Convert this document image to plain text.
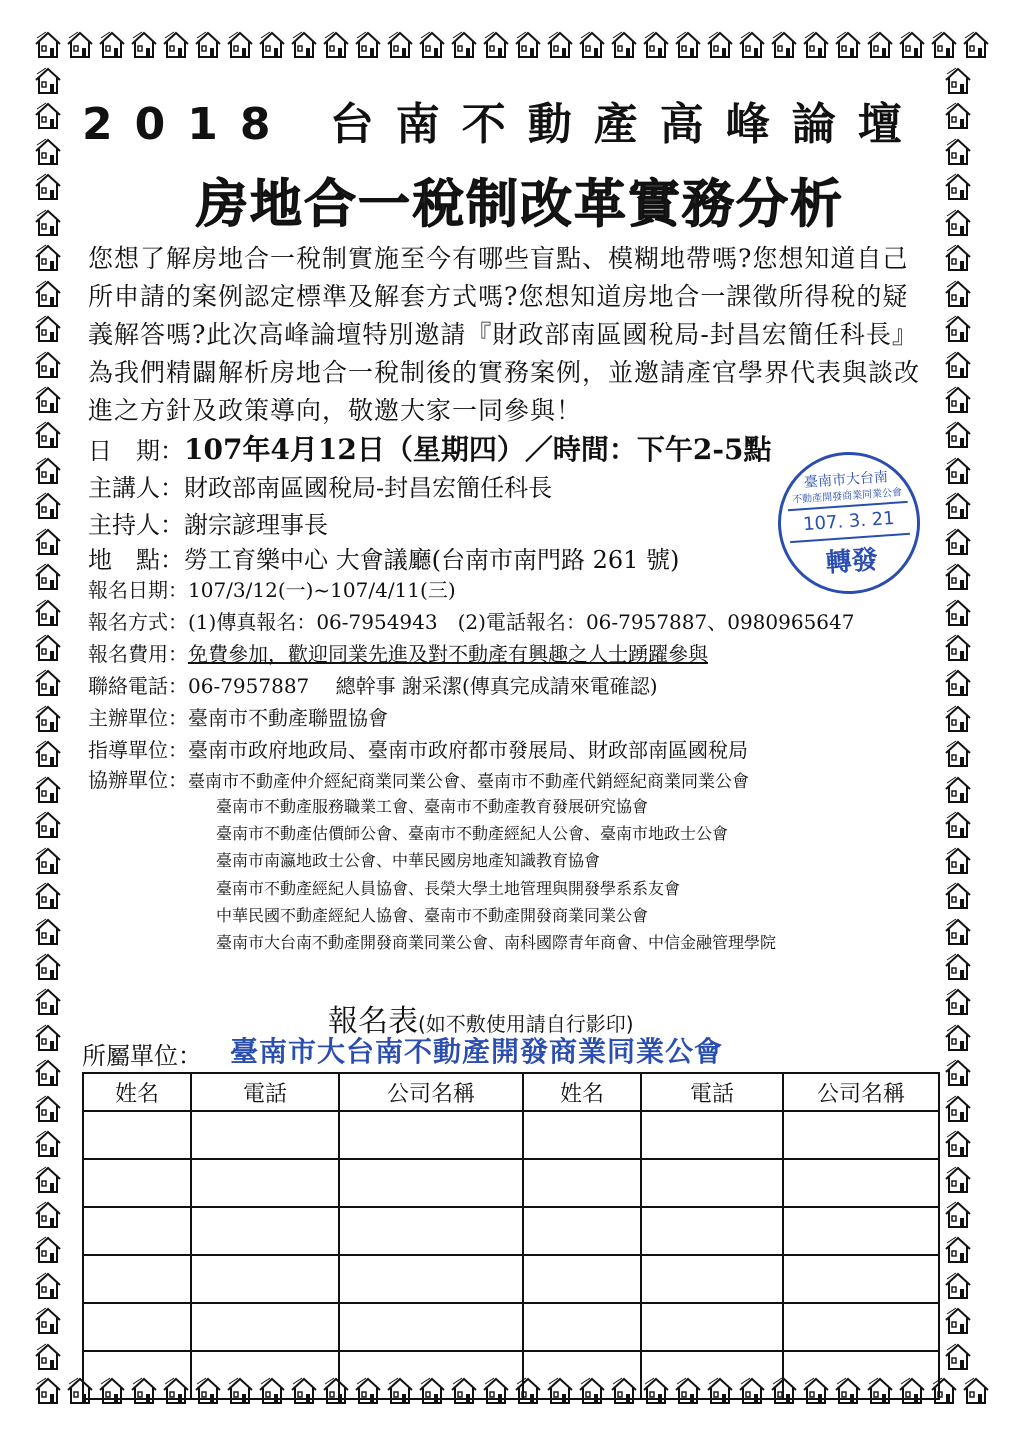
2018 台南不動產高峰論壇
房地合一稅制改革實務分析
您想了解房地合一稅制實施至今有哪些盲點、模糊地帶嗎?您想知道自己所申請的案例認定標準及解套方式嗎?您想知道房地合一課徵所得稅的疑義解答嗎?此次高峰論壇特別邀請『財政部南區國稅局-封昌宏簡任科長』為我們精闢解析房地合一稅制後的實務案例，並邀請產官學界代表與談改進之方針及政策導向，敬邀大家一同參與！
日　期：107年4月12日（星期四）／時間：下午2-5點
主講人：財政部南區國稅局-封昌宏簡任科長
主持人：謝宗諺理事長
地　點：勞工育樂中心 大會議廳(台南市南門路 261 號)
報名日期：107/3/12(一)~107/4/11(三)
報名方式：(1)傳真報名：06-7954943　(2)電話報名：06-7957887、0980965647
報名費用：免費參加，歡迎同業先進及對不動產有興趣之人士踴躍參與
聯絡電話：06-7957887　 總幹事 謝采潔(傳真完成請來電確認)
主辦單位：臺南市不動產聯盟協會
指導單位：臺南市政府地政局、臺南市政府都市發展局、財政部南區國稅局
協辦單位：臺南市不動產仲介經紀商業同業公會、臺南市不動產代銷經紀商業同業公會
臺南市不動產服務職業工會、臺南市不動產教育發展研究協會
臺南市不動產估價師公會、臺南市不動產經紀人公會、臺南市地政士公會
臺南市南瀛地政士公會、中華民國房地產知識教育協會
臺南市不動產經紀人員協會、長榮大學土地管理與開發學系系友會
中華民國不動產經紀人協會、臺南市不動產開發商業同業公會
臺南市大台南不動產開發商業同業公會、南科國際青年商會、中信金融管理學院
臺南市大台南
不動產開發商業同業公會
107. 3. 21
轉發
報名表(如不敷使用請自行影印)
所屬單位： 臺南市大台南不動產開發商業同業公會
姓名	電話	公司名稱	姓名	電話	公司名稱
